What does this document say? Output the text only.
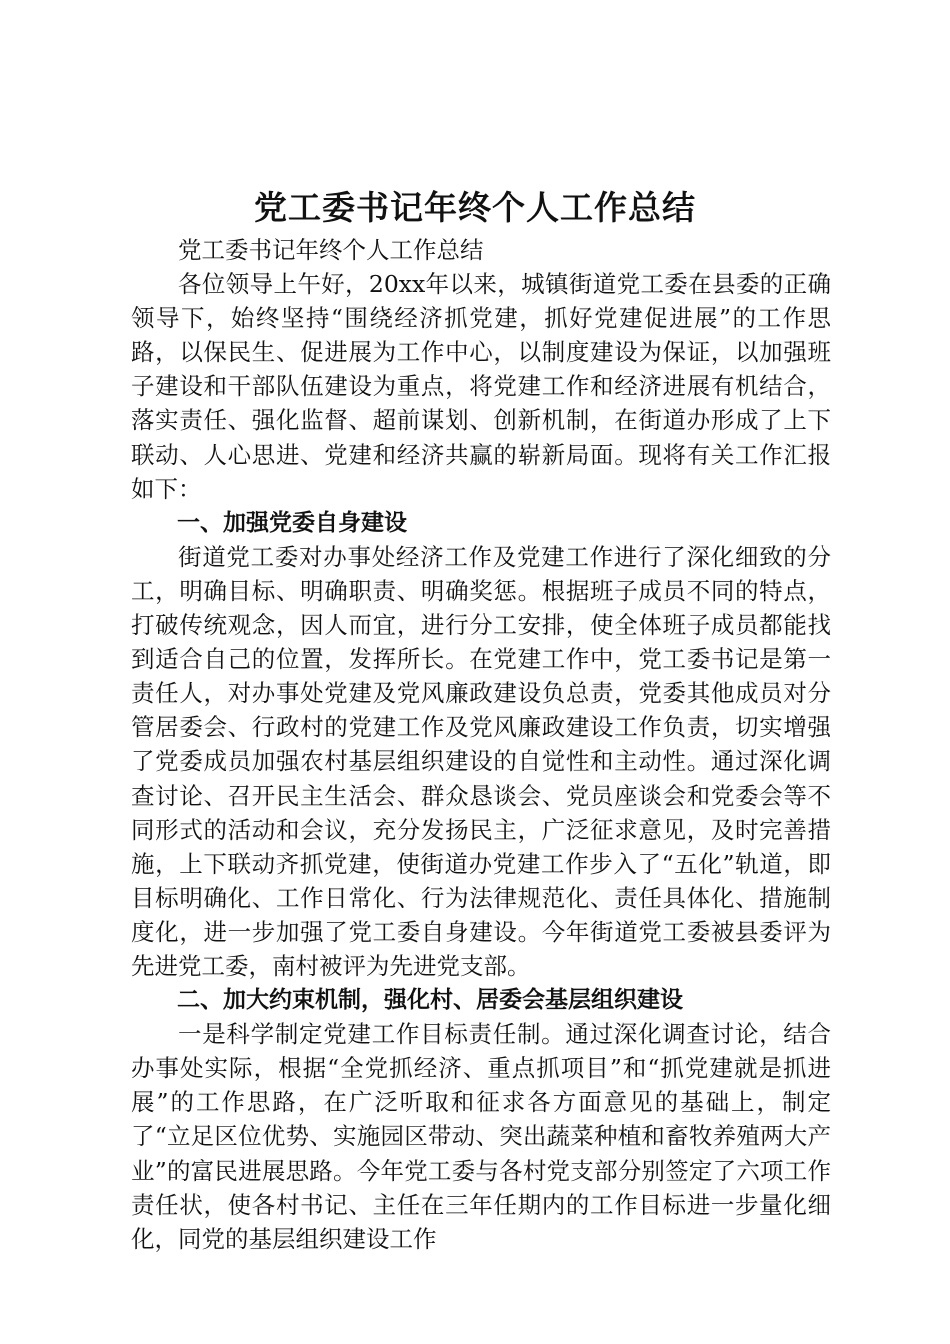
党工委书记年终个人工作总结

党工委书记年终个人工作总结

各位领导上午好，20xx年以来，城镇街道党工委在县委的正确领导下，始终坚持“围绕经济抓党建，抓好党建促进展”的工作思路，以保民生、促进展为工作中心，以制度建设为保证，以加强班子建设和干部队伍建设为重点，将党建工作和经济进展有机结合，落实责任、强化监督、超前谋划、创新机制，在街道办形成了上下联动、人心思进、党建和经济共赢的崭新局面。现将有关工作汇报如下：

一、加强党委自身建设

街道党工委对办事处经济工作及党建工作进行了深化细致的分工，明确目标、明确职责、明确奖惩。根据班子成员不同的特点，打破传统观念，因人而宜，进行分工安排，使全体班子成员都能找到适合自己的位置，发挥所长。在党建工作中，党工委书记是第一责任人，对办事处党建及党风廉政建设负总责，党委其他成员对分管居委会、行政村的党建工作及党风廉政建设工作负责，切实增强了党委成员加强农村基层组织建设的自觉性和主动性。通过深化调查讨论、召开民主生活会、群众恳谈会、党员座谈会和党委会等不同形式的活动和会议，充分发扬民主，广泛征求意见，及时完善措施，上下联动齐抓党建，使街道办党建工作步入了“五化”轨道，即目标明确化、工作日常化、行为法律规范化、责任具体化、措施制度化，进一步加强了党工委自身建设。今年街道党工委被县委评为先进党工委，南村被评为先进党支部。

二、加大约束机制，强化村、居委会基层组织建设

一是科学制定党建工作目标责任制。通过深化调查讨论，结合办事处实际，根据“全党抓经济、重点抓项目”和“抓党建就是抓进展”的工作思路，在广泛听取和征求各方面意见的基础上，制定了“立足区位优势、实施园区带动、突出蔬菜种植和畜牧养殖两大产业”的富民进展思路。今年党工委与各村党支部分别签定了六项工作责任状，使各村书记、主任在三年任期内的工作目标进一步量化细化，同党的基层组织建设工作
